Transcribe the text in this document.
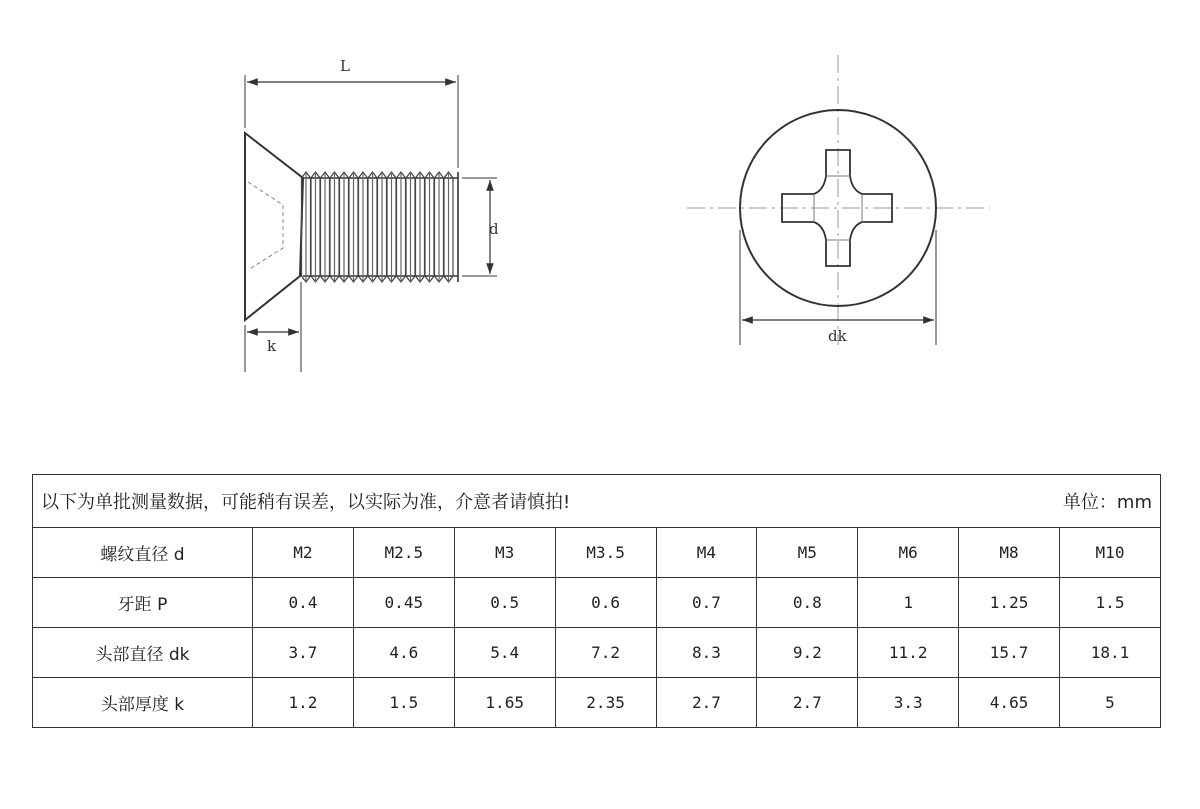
L
d
k
dk
以下为单批测量数据，可能稍有误差，以实际为准，介意者请慎拍! 单位：mm									

螺纹直径 d	M2	M2.5	M3	M3.5	M4	M5	M6	M8	M10
牙距 P	0.4	0.45	0.5	0.6	0.7	0.8	1	1.25	1.5
头部直径 dk	3.7	4.6	5.4	7.2	8.3	9.2	11.2	15.7	18.1
头部厚度 k	1.2	1.5	1.65	2.35	2.7	2.7	3.3	4.65	5
